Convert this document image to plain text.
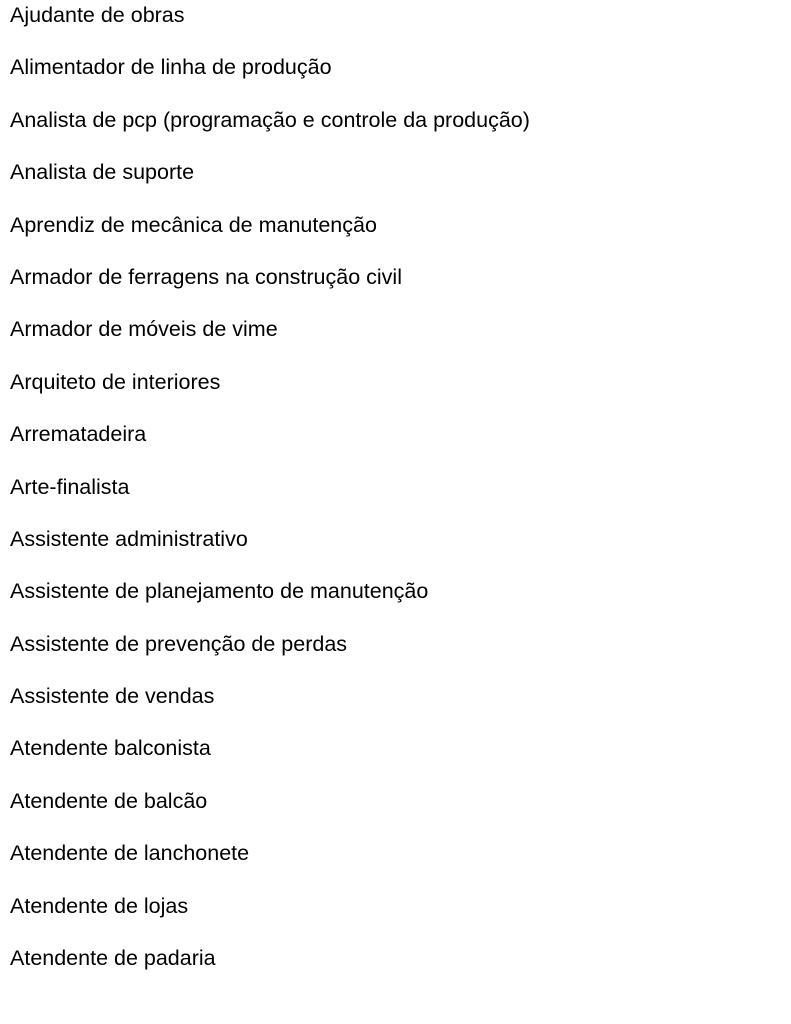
Ajudante de obras
Alimentador de linha de produção
Analista de pcp (programação e controle da produção)
Analista de suporte
Aprendiz de mecânica de manutenção
Armador de ferragens na construção civil
Armador de móveis de vime
Arquiteto de interiores
Arrematadeira
Arte-finalista
Assistente administrativo
Assistente de planejamento de manutenção
Assistente de prevenção de perdas
Assistente de vendas
Atendente balconista
Atendente de balcão
Atendente de lanchonete
Atendente de lojas
Atendente de padaria
